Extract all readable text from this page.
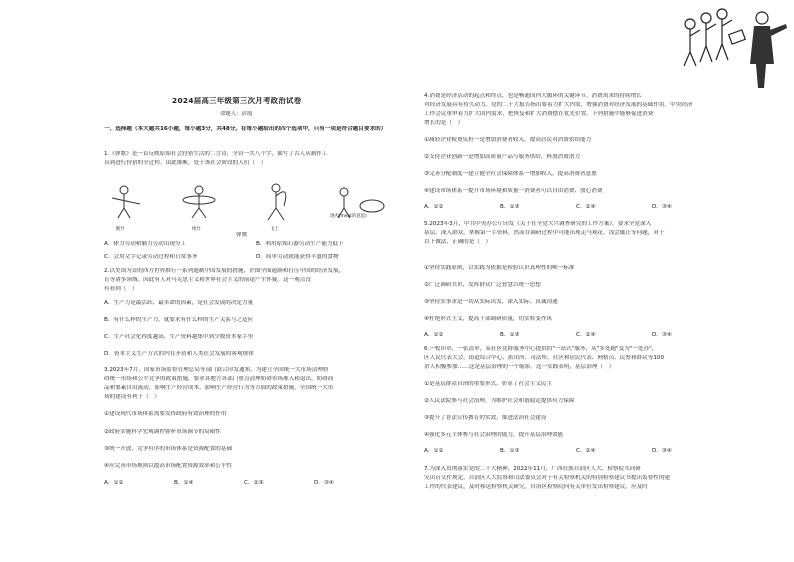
2024届高三年级第三次月考政治试卷
命题人：彭霞
一、选择题（本大题共16小题，每小题3分，共48分。在每小题给出的四个选项中，只有一项是符合题目要求的）
1.《弹歌》是一首反映原始社会狩猎生活的二言诗，全诗一共八个字，描写了古人从制作工
具到进行狩猎的全过程。由此推断，处于该社会阶段的人们（　）
断竹	续竹	飞土
逐肉(meat的意思)
弹歌
A．体力劳动和脑力劳动出现分工	B．利用原始石器劳动生产能力低下
C．会用文字记录劳动过程和日常事务	D．简单劳动就能获得丰盛的食物
2.以美国为首的西方世界推行一系列遏制中国发展的措施，企图全面遏制和打压中国的经济发展，
育等诸多领域。因此有人对马克思主义和世界社会主义的前途产生怀疑。这一观点没
有看到（　）
A．生产力是最活跃、最革命的因素，是社会发展的决定力量
B．有什么样的生产力，就要求有什么样的生产关系与之适应
C．生产社会化程度越高，生产资料越集中到少数资本家手里
D．资本主义生产方式的内在矛盾和人类社会发展的客观规律
3.2023年7月，国家市场监督管理总局等部门联合印发通知，为建立全国统一大市场清理妨
碍统一市场和公平竞争的政策措施，要求各地方各部门重点清理妨碍市场准入和退出、妨碍商
品和要素自由流动，影响生产经营成本、影响生产经营行为等方面的政策措施。全国统一大市
场的建设有利于（　）
①建设现代市场体系需要发挥政府有效治理的作用
②政府实施科学宏观调控弥补市场调节的局限性
③统一开放、竞争有序的市场体系是资源配置的基础
④应完善市场规则以提高市场配置资源效率和公平性
A．①②	B．①④	C．②③	D．③④
4.消费是经济活动的起点和终点，也是畅通国内大循环的关键环节。消费需求的持续增长
对经济发展具有持久动力。党的二十大报告指出要着力扩大内需，增强消费对经济发展的基础作用。中央经济
工作会议重申着力扩大国内需求，把恢复和扩大消费摆在优先位置。下列措施中能够促进消费
增长的是（　）
①减轻企业税费负担一是增加消费者收入，提高居民对消费供给能力
②支持企业创新一是增加高质量产品与服务供给，释放消费潜力
③完善分配制度一建立健全社会保障体系一增加收入，提高消费者意愿
④建设市场体系一提升市场环境和质量一消费者可以自由消费、放心消费
A．①②	B．①③	C．②④	D．③④
5.2023年3月，中共中央办公厅印发《关于在全党大兴调查研究的工作方案》，要求全党深入
基层、深入群众，掌握第一手资料。然而在调研过程中可能出现走马观花、浅尝辄止等问题，对于
以下做法，正确的是（　）
①坚持实践原则，以实践为依据是检验认识真理性的唯一标准
②广泛调研共识，发挥群众广泛智慧以统一思想
③坚持实事求是一切从实际出发，深入实际、真诚沟通
④杜绝形式主义，提高干部调研质量，切实转变作风
A．①②	B．①③	C．②④	D．③④
6.一枚印章，一张清单，某社区党群服务中心提供的"一站式"服务，从"多处跑"变为"一处办"，
区人民代表大会、街道综合中心、派出所、司法所、社区和居民代表、网格员、民警和群众等100
余人积极参加……这是基层治理的一个缩影。这一实践表明，基层治理（　）
①是基层群众自治的重要形式，彰显了社会主义民主
②人民法院参与社会治理，为维护社会和谐稳定提供有力保障
③提升了普法宣传教育的实效，推进法治社会建设
④强化多元主体参与社会治理的能力，提升基层治理效能
A．①②	B．①③	C．②④	D．③④
7.为深入贯彻落实党的二十大精神，2022年11月，广西壮族自治区人大、检察院共同研
究出台文件规定，自治区人大监察和司法委员会对于有关检察机关的特别检察建议书提出监督性的建
工作的代表建议，及时移送检察机关研究。自治区检察院向有关单位发出检察建议，应及时
